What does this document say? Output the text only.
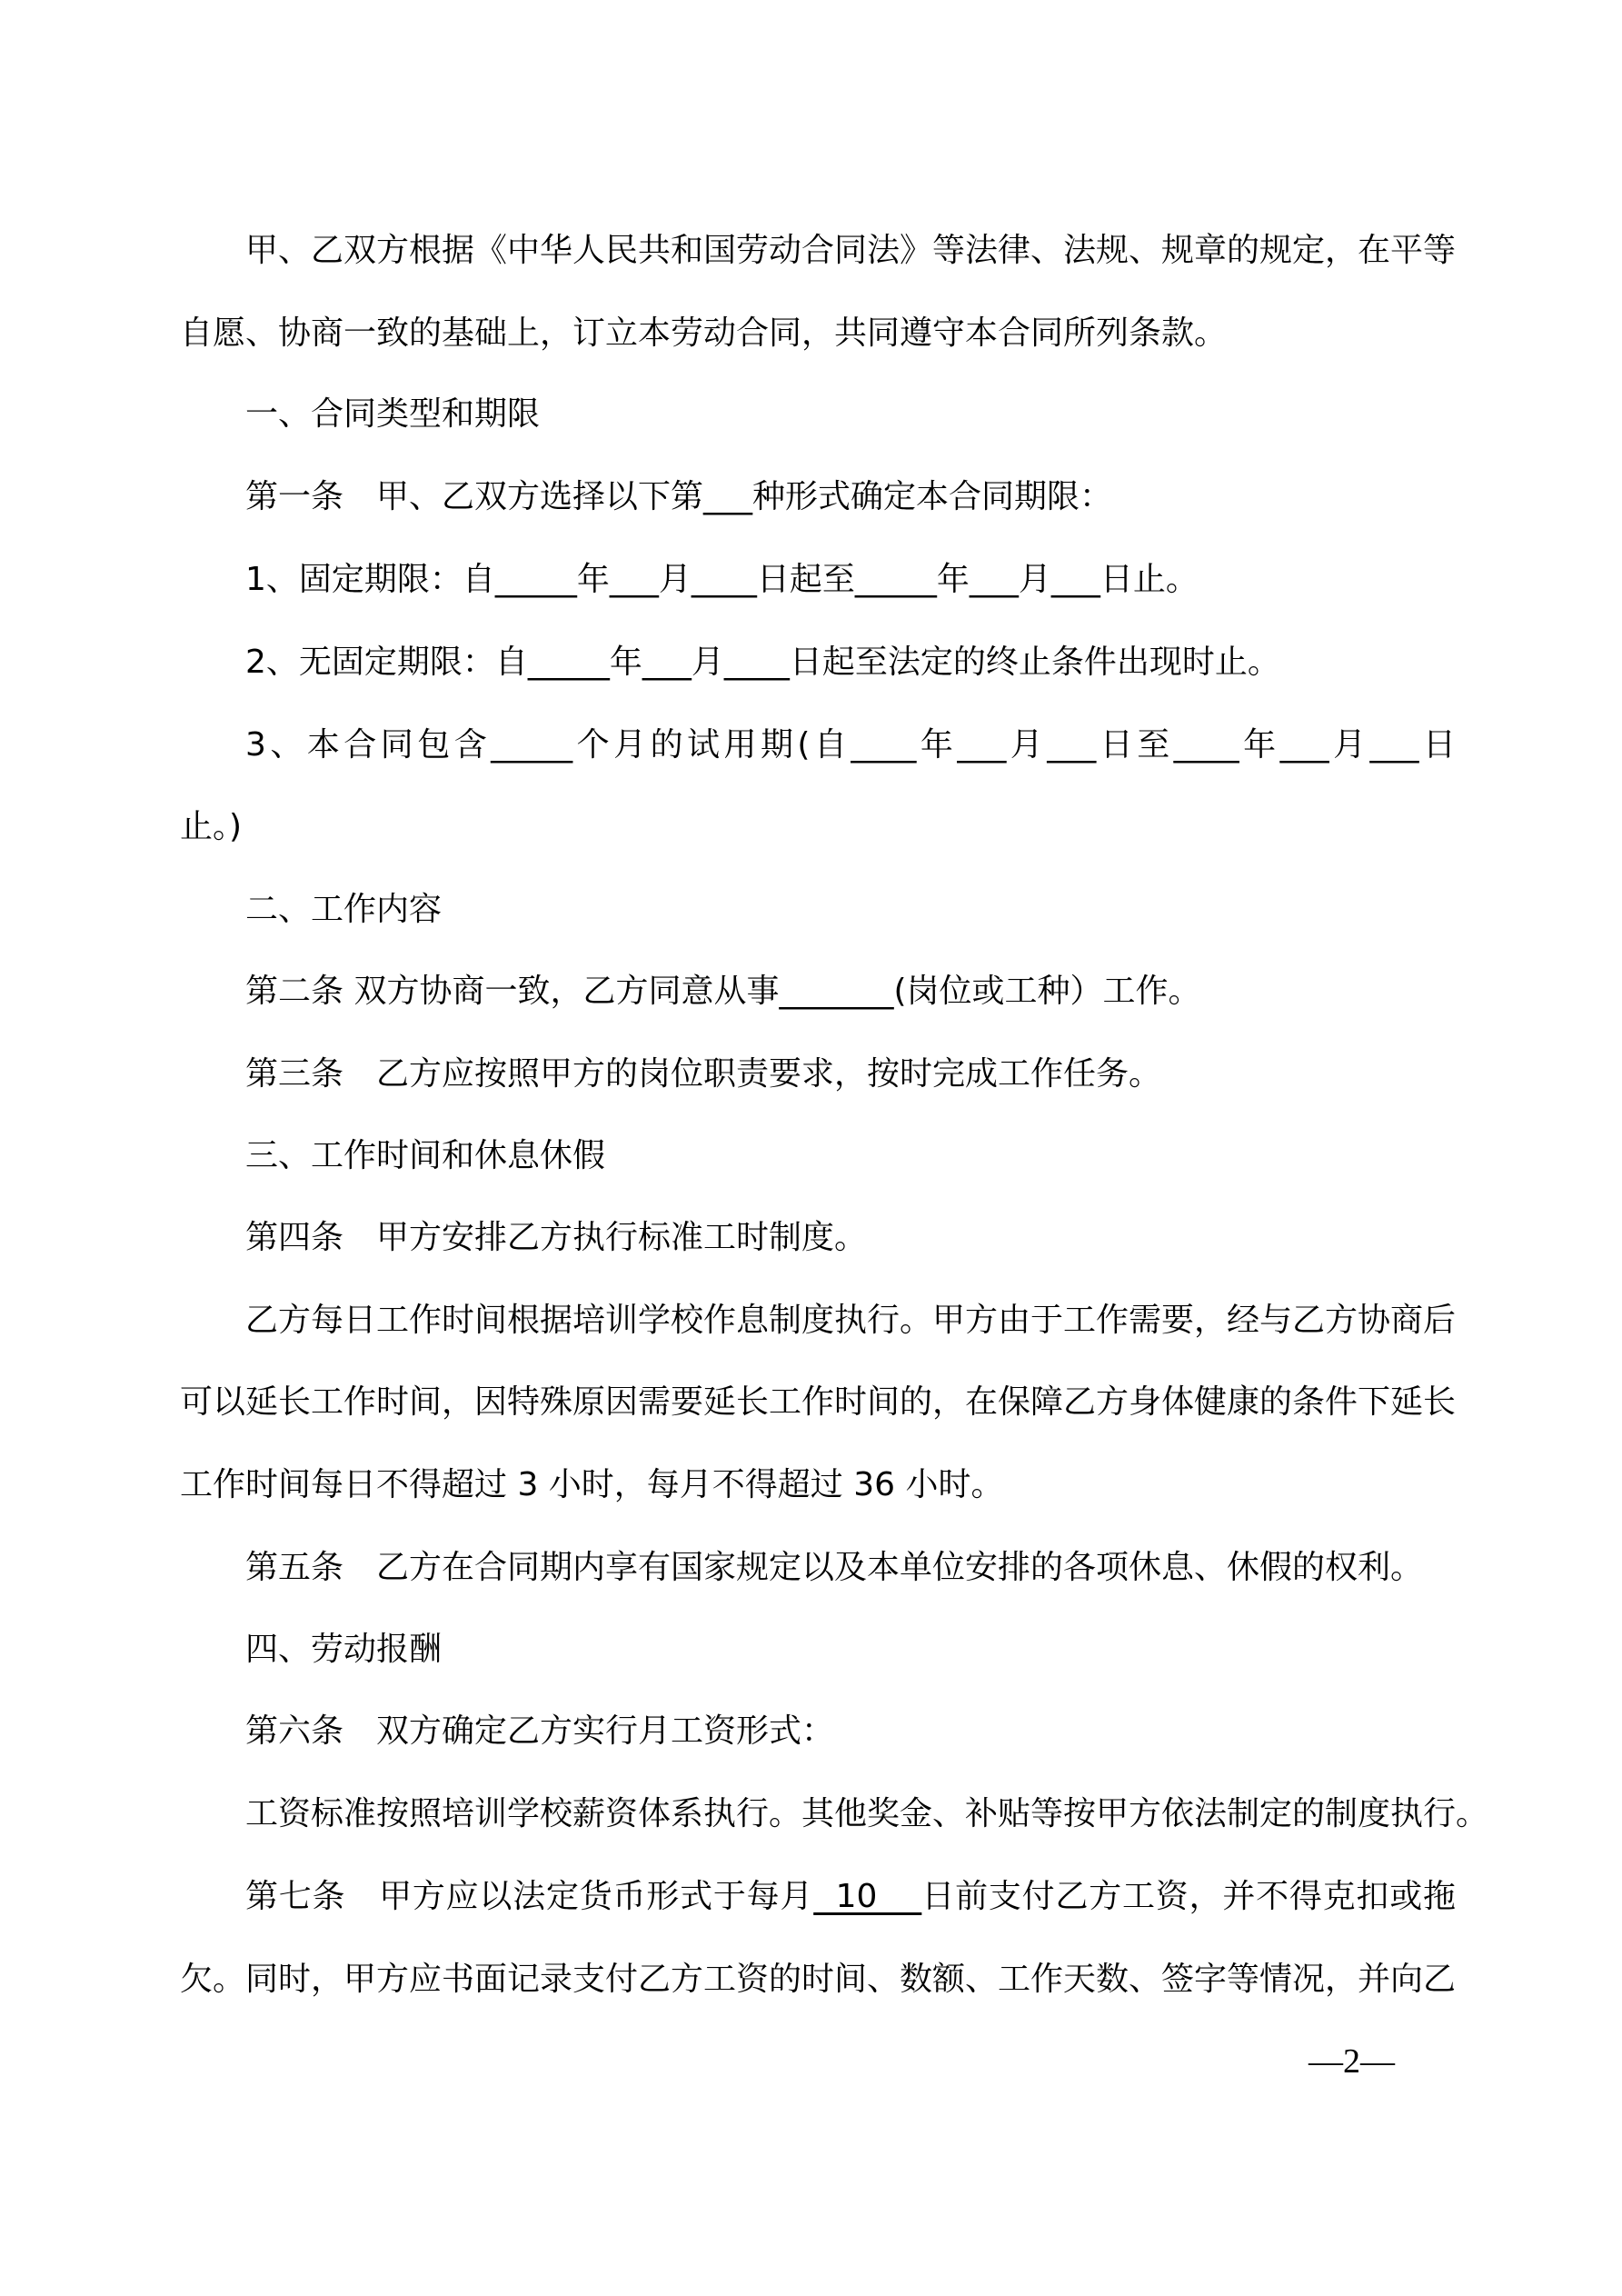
甲、乙双方根据《中华人民共和国劳动合同法》等法律、法规、规章的规定，在平等
自愿、协商一致的基础上，订立本劳动合同，共同遵守本合同所列条款。
一、合同类型和期限
第一条　甲、乙双方选择以下第___种形式确定本合同期限：
1、固定期限：自_____年___月____日起至_____年___月___日止。
2、无固定期限：自_____年___月____日起至法定的终止条件出现时止。
3、本合同包含_____个月的试用期(自____年___月___日至____年___月___日
止。)
二、工作内容
第二条 双方协商一致，乙方同意从事_______(岗位或工种）工作。
第三条　乙方应按照甲方的岗位职责要求，按时完成工作任务。
三、工作时间和休息休假
第四条　甲方安排乙方执行标准工时制度。
乙方每日工作时间根据培训学校作息制度执行。甲方由于工作需要，经与乙方协商后
可以延长工作时间，因特殊原因需要延长工作时间的，在保障乙方身体健康的条件下延长
工作时间每日不得超过 3 小时，每月不得超过 36 小时。
第五条　乙方在合同期内享有国家规定以及本单位安排的各项休息、休假的权利。
四、劳动报酬
第六条　双方确定乙方实行月工资形式：
工资标准按照培训学校薪资体系执行。其他奖金、补贴等按甲方依法制定的制度执行。
第七条　甲方应以法定货币形式于每月  10    日前支付乙方工资，并不得克扣或拖
欠。同时，甲方应书面记录支付乙方工资的时间、数额、工作天数、签字等情况，并向乙
—2—
